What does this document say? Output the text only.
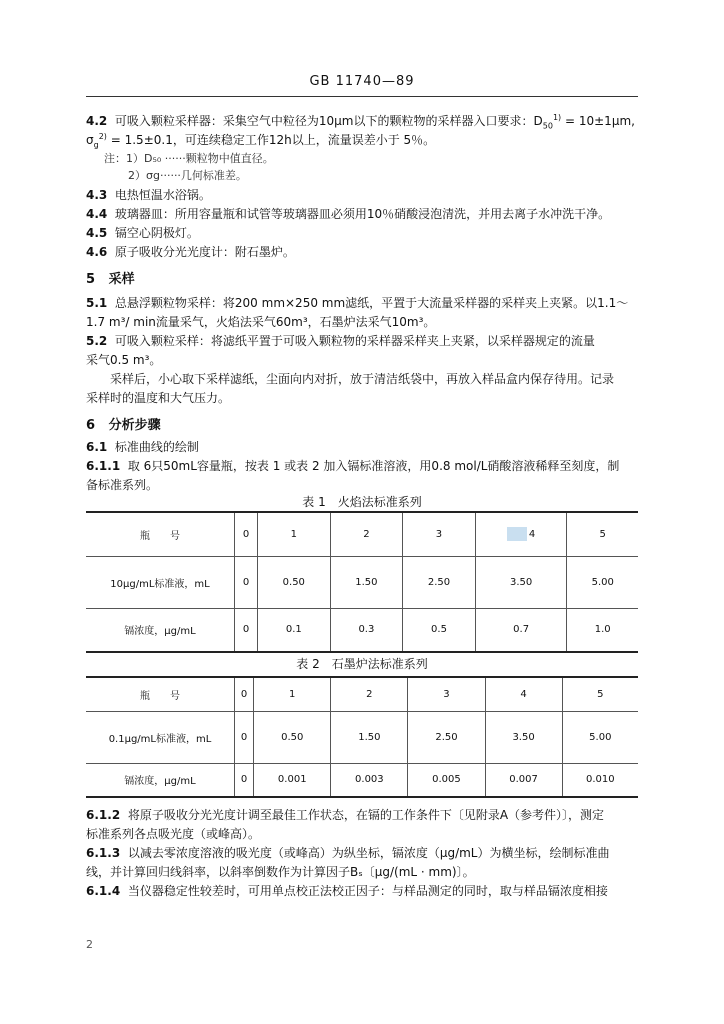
GB 11740—89
4.2 可吸入颗粒采样器：采集空气中粒径为10μm以下的颗粒物的采样器入口要求：$D_{50}^{1)} = 10\pm 1\mu m$,
$\sigma_g^{2)} = 1.5\pm 0.1$，可连续稳定工作12h以上，流量误差小于 5％。
注：1）D₅₀ ······颗粒物中值直径。
2）σg······几何标准差。
4.3 电热恒温水浴锅。
4.4 玻璃器皿：所用容量瓶和试管等玻璃器皿必须用10％硝酸浸泡清洗，并用去离子水冲洗干净。
4.5 镉空心阴极灯。
4.6 原子吸收分光光度计：附石墨炉。
5 采样
5.1 总悬浮颗粒物采样：将200 mm×250 mm滤纸，平置于大流量采样器的采样夹上夹紧。以1.1～
1.7 m³/ min流量采气，火焰法采气60m³，石墨炉法采气10m³。
5.2 可吸入颗粒采样：将滤纸平置于可吸入颗粒物的采样器采样夹上夹紧，以采样器规定的流量
采气0.5 m³。
采样后，小心取下采样滤纸，尘面向内对折，放于清洁纸袋中，再放入样品盒内保存待用。记录
采样时的温度和大气压力。
6 分析步骤
6.1 标准曲线的绘制
6.1.1 取 6只50mL容量瓶，按表 1 或表 2 加入镉标准溶液，用0.8 mol/L硝酸溶液稀释至刻度，制
备标准系列。
表 1　火焰法标准系列
瓶　　号	0	1	2	3	4	5
10μg/mL标准液，mL	0	0.50	1.50	2.50	3.50	5.00
镉浓度，μg/mL	0	0.1	0.3	0.5	0.7	1.0
表 2　石墨炉法标准系列
瓶　　号	0	1	2	3	4	5
0.1μg/mL标准液，mL	0	0.50	1.50	2.50	3.50	5.00
镉浓度，μg/mL	0	0.001	0.003	0.005	0.007	0.010
6.1.2 将原子吸收分光光度计调至最佳工作状态，在镉的工作条件下〔见附录A（参考件）〕，测定
标准系列各点吸光度（或峰高）。
6.1.3 以减去零浓度溶液的吸光度（或峰高）为纵坐标，镉浓度（μg/mL）为横坐标，绘制标准曲
线，并计算回归线斜率，以斜率倒数作为计算因子Bₛ〔μg/(mL · mm)〕。
6.1.4 当仪器稳定性较差时，可用单点校正法校正因子：与样品测定的同时，取与样品镉浓度相接
2
